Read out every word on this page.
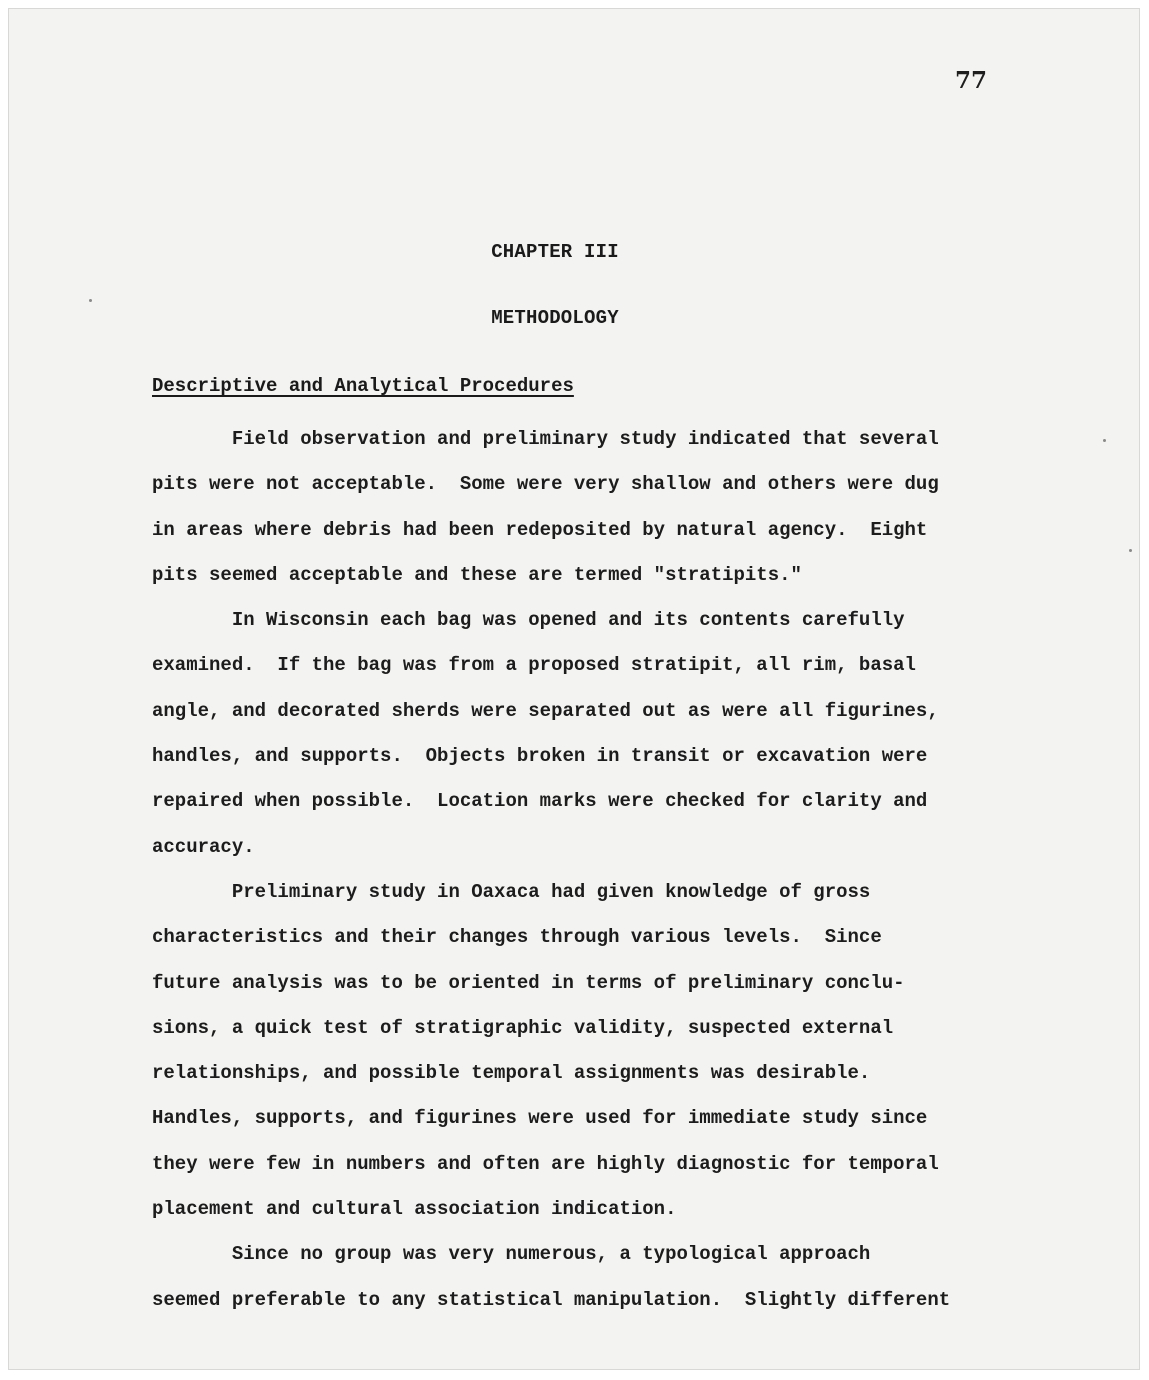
77
CHAPTER III
METHODOLOGY
Descriptive and Analytical Procedures
Field observation and preliminary study indicated that several
pits were not acceptable.  Some were very shallow and others were dug
in areas where debris had been redeposited by natural agency.  Eight
pits seemed acceptable and these are termed "stratipits."
In Wisconsin each bag was opened and its contents carefully
examined.  If the bag was from a proposed stratipit, all rim, basal
angle, and decorated sherds were separated out as were all figurines,
handles, and supports.  Objects broken in transit or excavation were
repaired when possible.  Location marks were checked for clarity and
accuracy.
Preliminary study in Oaxaca had given knowledge of gross
characteristics and their changes through various levels.  Since
future analysis was to be oriented in terms of preliminary conclu-
sions, a quick test of stratigraphic validity, suspected external
relationships, and possible temporal assignments was desirable.
Handles, supports, and figurines were used for immediate study since
they were few in numbers and often are highly diagnostic for temporal
placement and cultural association indication.
Since no group was very numerous, a typological approach
seemed preferable to any statistical manipulation.  Slightly different
